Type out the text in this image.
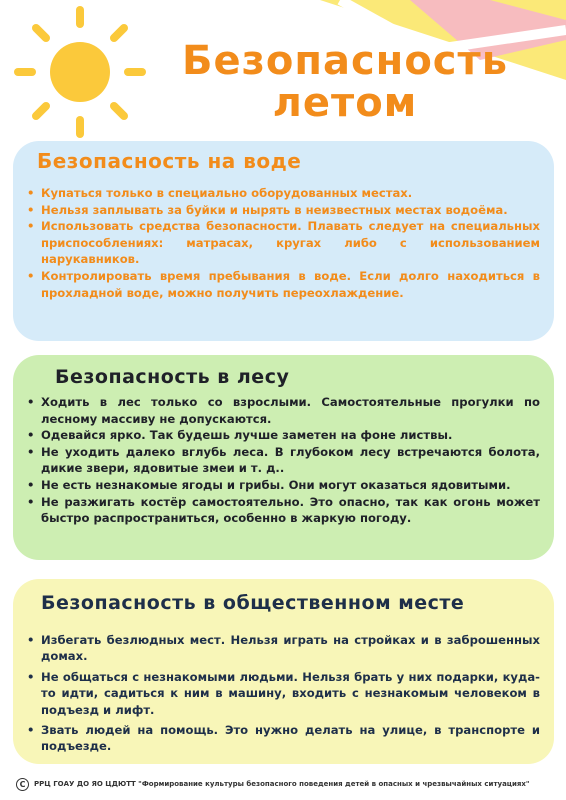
Безопасность
летом
Безопасность на воде
• Купаться только в специально оборудованных местах.
• Нельзя заплывать за буйки и нырять в неизвестных местах водоёма.
• Использовать средства безопасности. Плавать следует на специальных приспособлениях: матрасах, кругах либо с использованием нарукавников.
• Контролировать время пребывания в воде. Если долго находиться в прохладной воде, можно получить переохлаждение.
Безопасность в лесу
• Ходить в лес только со взрослыми. Самостоятельные прогулки по лесному массиву не допускаются.
• Одевайся ярко. Так будешь лучше заметен на фоне листвы.
• Не уходить далеко вглубь леса. В глубоком лесу встречаются болота, дикие звери, ядовитые змеи и т. д..
• Не есть незнакомые ягоды и грибы. Они могут оказаться ядовитыми.
• Не разжигать костёр самостоятельно. Это опасно, так как огонь может быстро распространиться, особенно в жаркую погоду.
Безопасность в общественном месте
• Избегать безлюдных мест. Нельзя играть на стройках и в заброшенных домах.
• Не общаться с незнакомыми людьми. Нельзя брать у них подарки, куда-то идти, садиться к ним в машину, входить с незнакомым человеком в подъезд и лифт.
• Звать людей на помощь. Это нужно делать на улице, в транспорте и подъезде.
C	РРЦ ГОАУ ДО ЯО ЦДЮТТ "Формирование культуры безопасного поведения детей в опасных и чрезвычайных ситуациях"
